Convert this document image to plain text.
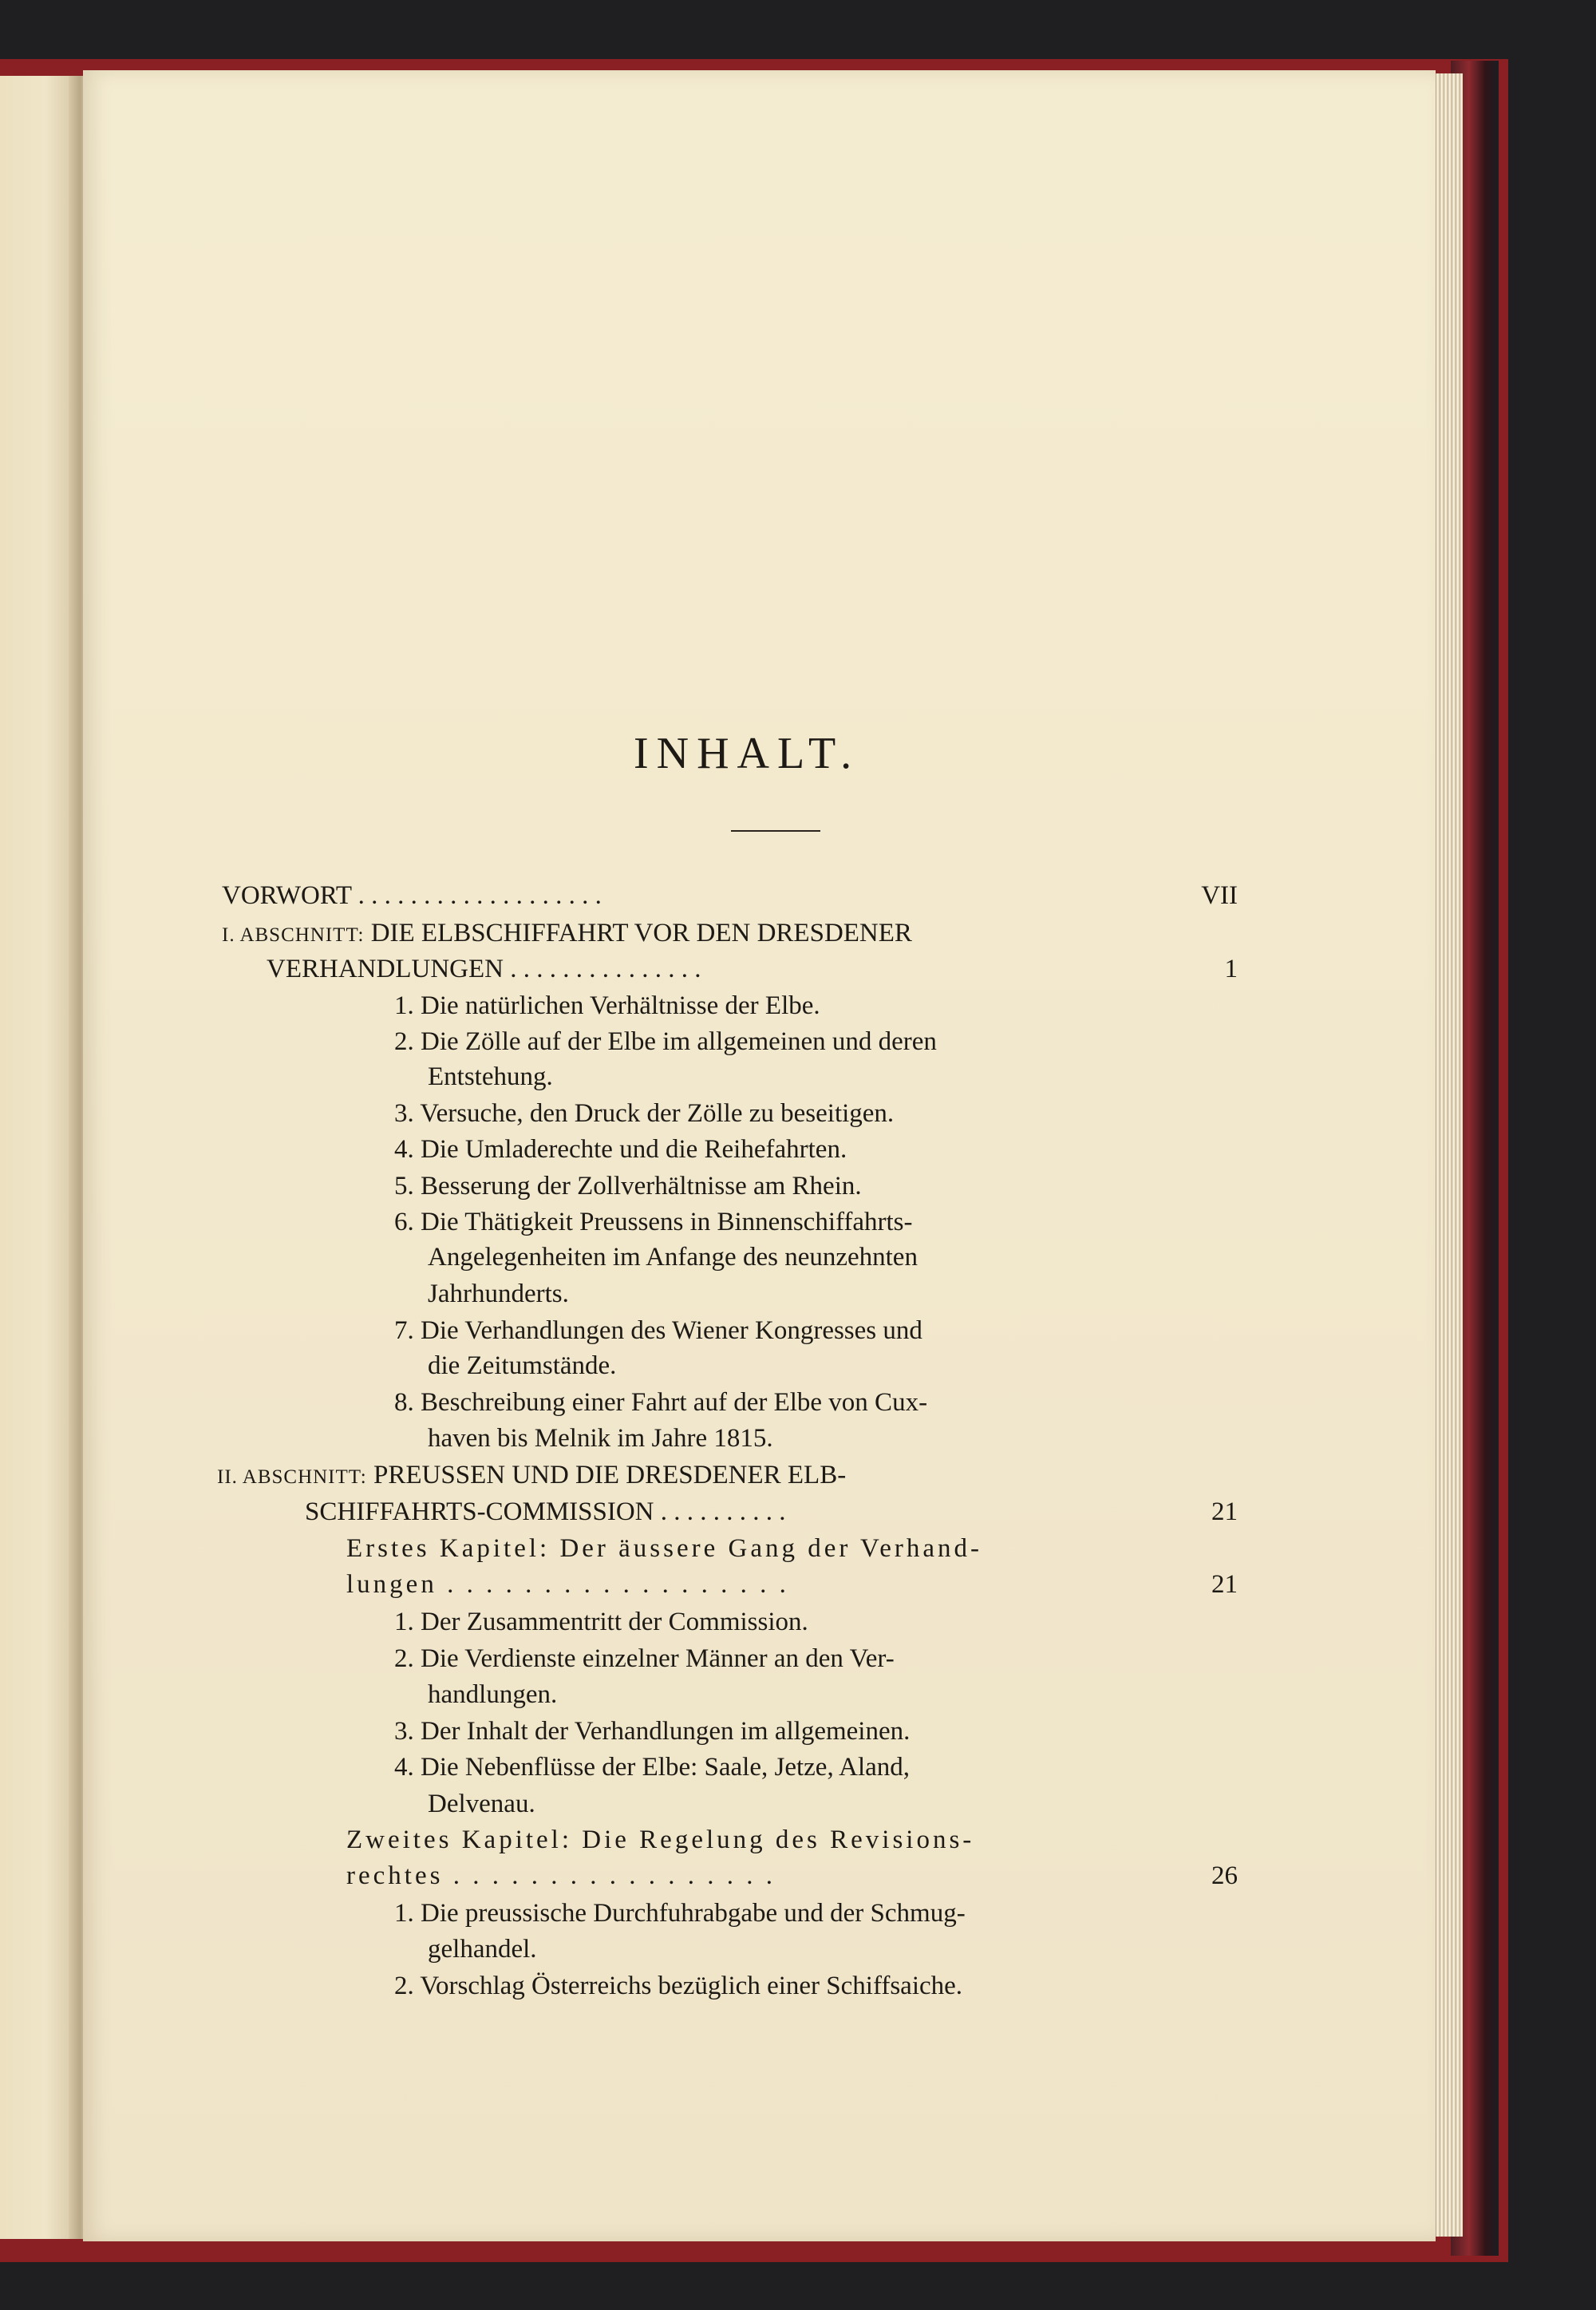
INHALT.
VORWORT . . . . . . . . . . . . . . . . . . .	VII
I. ABSCHNITT: DIE ELBSCHIFFAHRT VOR DEN DRESDENER
VERHANDLUNGEN . . . . . . . . . . . . . . .	1
1. Die natürlichen Verhältnisse der Elbe.
2. Die Zölle auf der Elbe im allgemeinen und deren
Entstehung.
3. Versuche, den Druck der Zölle zu beseitigen.
4. Die Umladerechte und die Reihefahrten.
5. Besserung der Zollverhältnisse am Rhein.
6. Die Thätigkeit Preussens in Binnenschiffahrts-
Angelegenheiten im Anfange des neunzehnten
Jahrhunderts.
7. Die Verhandlungen des Wiener Kongresses und
die Zeitumstände.
8. Beschreibung einer Fahrt auf der Elbe von Cux-
haven bis Melnik im Jahre 1815.
II. ABSCHNITT: PREUSSEN UND DIE DRESDENER ELB-
SCHIFFAHRTS-COMMISSION . . . . . . . . . .	21
Erstes Kapitel: Der äussere Gang der Verhand-
lungen . . . . . . . . . . . . . . . . . .	21
1. Der Zusammentritt der Commission.
2. Die Verdienste einzelner Männer an den Ver-
handlungen.
3. Der Inhalt der Verhandlungen im allgemeinen.
4. Die Nebenflüsse der Elbe: Saale, Jetze, Aland,
Delvenau.
Zweites Kapitel: Die Regelung des Revisions-
rechtes . . . . . . . . . . . . . . . . .	26
1. Die preussische Durchfuhrabgabe und der Schmug-
gelhandel.
2. Vorschlag Österreichs bezüglich einer Schiffsaiche.
